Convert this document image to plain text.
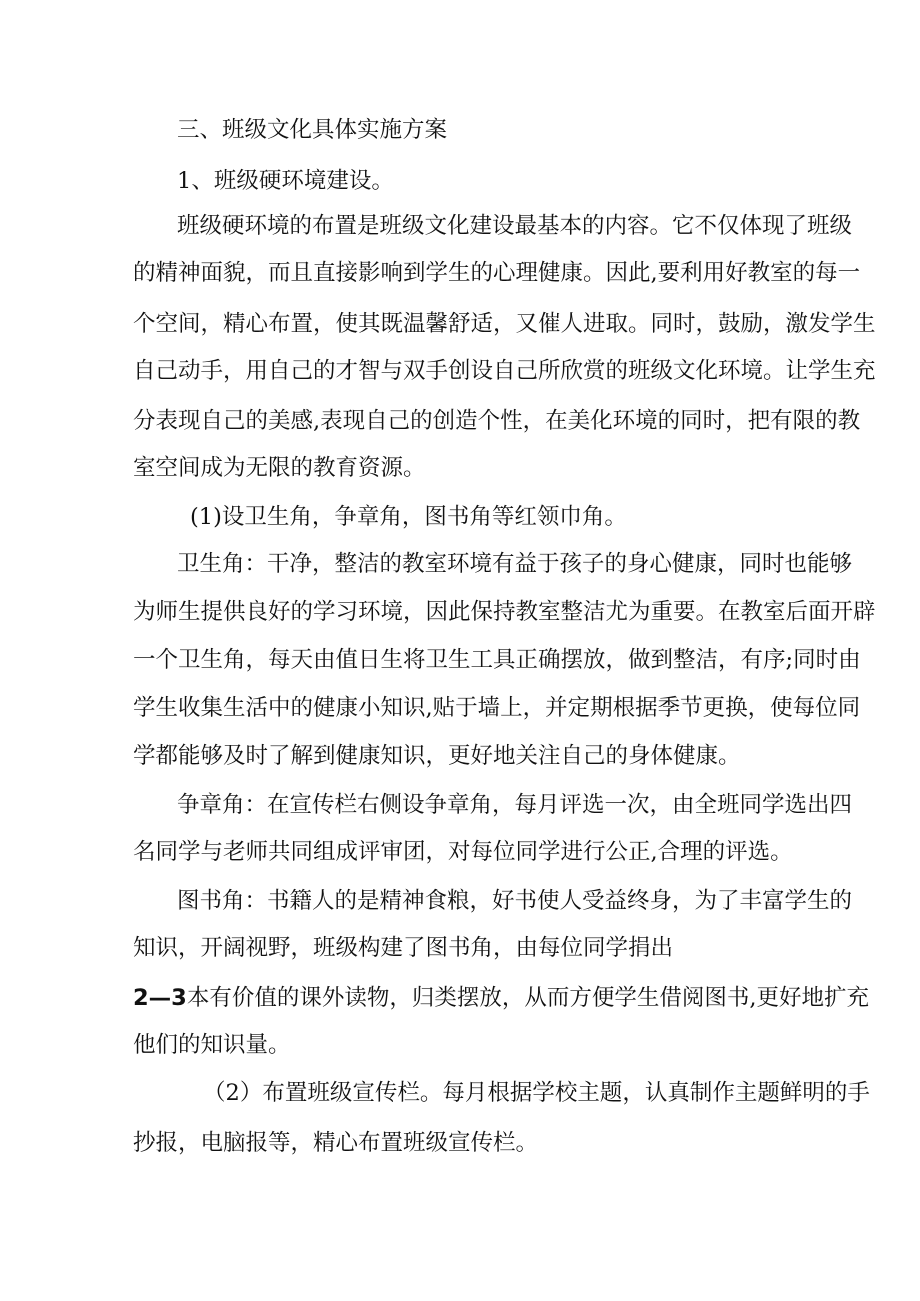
三、班级文化具体实施方案
1、班级硬环境建设。
班级硬环境的布置是班级文化建设最基本的内容。它不仅体现了班级
的精神面貌，而且直接影响到学生的心理健康。因此,要利用好教室的每一
个空间，精心布置，使其既温馨舒适，又催人进取。同时，鼓励，激发学生
自己动手，用自己的才智与双手创设自己所欣赏的班级文化环境。让学生充
分表现自己的美感,表现自己的创造个性，在美化环境的同时，把有限的教
室空间成为无限的教育资源。
(1)设卫生角，争章角，图书角等红领巾角。
卫生角：干净，整洁的教室环境有益于孩子的身心健康，同时也能够
为师生提供良好的学习环境，因此保持教室整洁尤为重要。在教室后面开辟
一个卫生角，每天由值日生将卫生工具正确摆放，做到整洁，有序;同时由
学生收集生活中的健康小知识,贴于墙上，并定期根据季节更换，使每位同
学都能够及时了解到健康知识，更好地关注自己的身体健康。
争章角：在宣传栏右侧设争章角，每月评选一次，由全班同学选出四
名同学与老师共同组成评审团，对每位同学进行公正,合理的评选。
图书角：书籍人的是精神食粮，好书使人受益终身，为了丰富学生的
知识，开阔视野，班级构建了图书角，由每位同学捐出
2—3本有价值的课外读物，归类摆放，从而方便学生借阅图书,更好地扩充
他们的知识量。
（2）布置班级宣传栏。每月根据学校主题，认真制作主题鲜明的手
抄报，电脑报等，精心布置班级宣传栏。
